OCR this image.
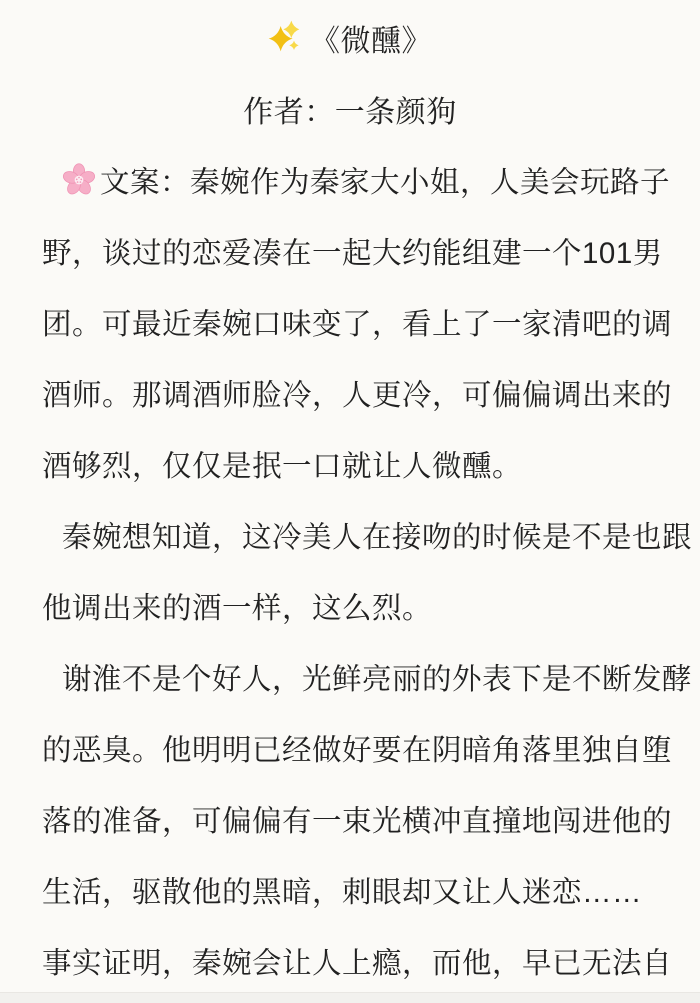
《微醺》
作者：一条颜狗
文案：秦婉作为秦家大小姐，人美会玩路子
野，谈过的恋爱凑在一起大约能组建一个101男
团。可最近秦婉口味变了，看上了一家清吧的调
酒师。那调酒师脸冷，人更冷，可偏偏调出来的
酒够烈，仅仅是抿一口就让人微醺。
秦婉想知道，这冷美人在接吻的时候是不是也跟
他调出来的酒一样，这么烈。
谢淮不是个好人，光鲜亮丽的外表下是不断发酵
的恶臭。他明明已经做好要在阴暗角落里独自堕
落的准备，可偏偏有一束光横冲直撞地闯进他的
生活，驱散他的黑暗，刺眼却又让人迷恋……
事实证明，秦婉会让人上瘾，而他，早已无法自
